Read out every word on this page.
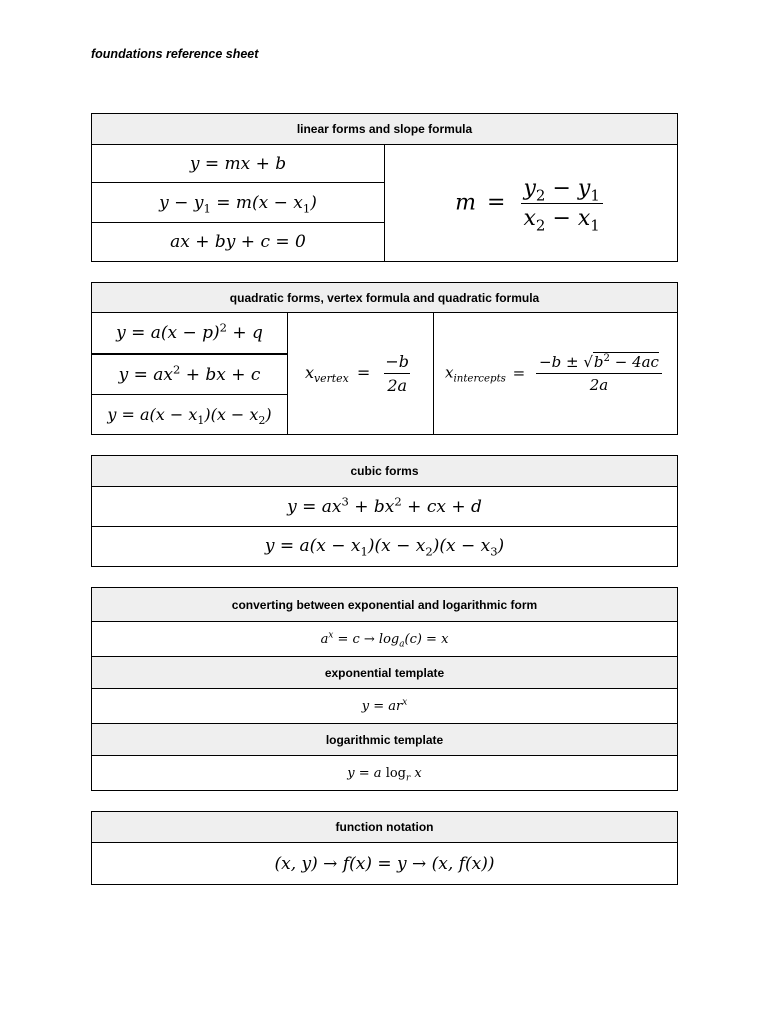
foundations reference sheet
linear forms and slope formula
y = mx + b
$y - y_1 = m(x - x_1)$
ax + by + c = 0
$m = \frac{y_2 - y_1}{x_2 - x_1}$
quadratic forms, vertex formula and quadratic formula
$y = a(x - p)^2 + q$
$y = ax^2$ + bx + c
$y = a(x - x_1)(x - x_2)$
$x_{vertex} = \frac{-b}{2a} x_{intercepts} = \frac{-b \pm √b^2 - 4ac}{2a}$
cubic forms
$y = ax^3 + bx^2$ + cx + d
$y = a(x - x_1)(x - x_2)(x - x_3)$
converting between exponential and logarithmic form
$a^x = c \to \log_a(c) = x$
exponential template
$y = ar^x$
logarithmic template
y = a $\log_r x$
function notation
(x, y) → f(x) = y → (x, f(x))
